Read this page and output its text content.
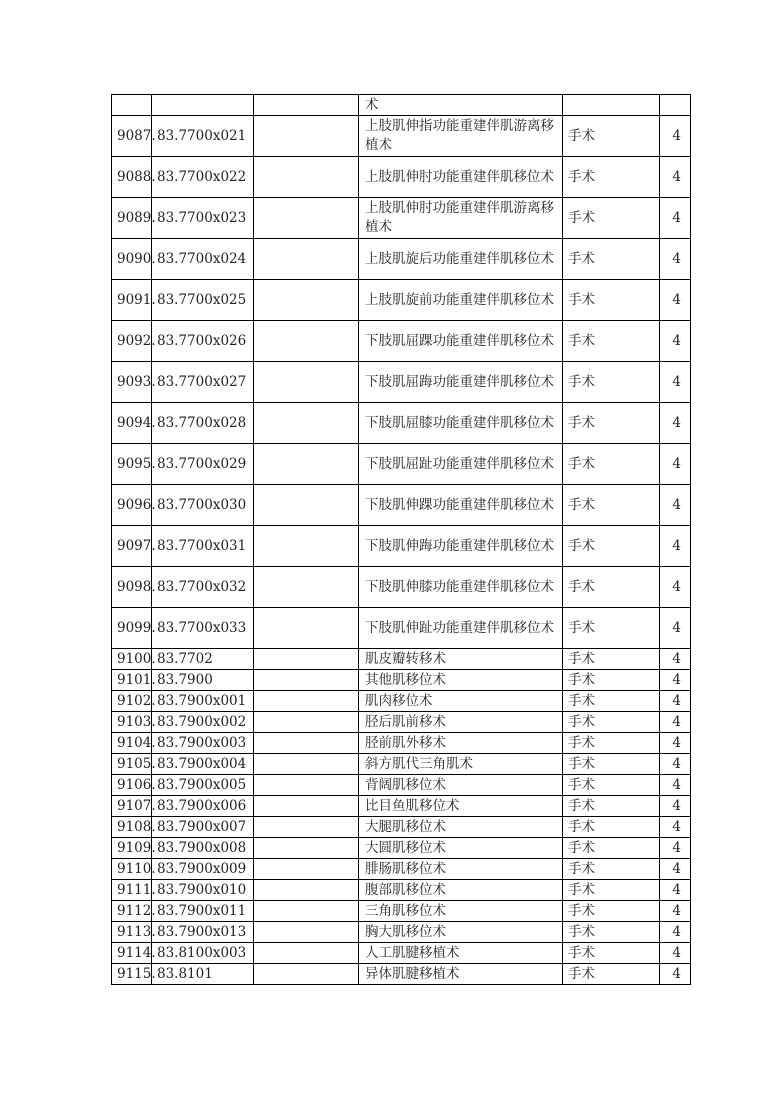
			术		
9087.	83.7700x021		上肢肌伸指功能重建伴肌游离移植术	手术	4
9088.	83.7700x022		上肢肌伸肘功能重建伴肌移位术	手术	4
9089.	83.7700x023		上肢肌伸肘功能重建伴肌游离移植术	手术	4
9090.	83.7700x024		上肢肌旋后功能重建伴肌移位术	手术	4
9091.	83.7700x025		上肢肌旋前功能重建伴肌移位术	手术	4
9092.	83.7700x026		下肢肌屈踝功能重建伴肌移位术	手术	4
9093.	83.7700x027		下肢肌屈踇功能重建伴肌移位术	手术	4
9094.	83.7700x028		下肢肌屈膝功能重建伴肌移位术	手术	4
9095.	83.7700x029		下肢肌屈趾功能重建伴肌移位术	手术	4
9096.	83.7700x030		下肢肌伸踝功能重建伴肌移位术	手术	4
9097.	83.7700x031		下肢肌伸踇功能重建伴肌移位术	手术	4
9098.	83.7700x032		下肢肌伸膝功能重建伴肌移位术	手术	4
9099.	83.7700x033		下肢肌伸趾功能重建伴肌移位术	手术	4
9100.	83.7702		肌皮瓣转移术	手术	4
9101.	83.7900		其他肌移位术	手术	4
9102.	83.7900x001		肌肉移位术	手术	4
9103.	83.7900x002		胫后肌前移术	手术	4
9104.	83.7900x003		胫前肌外移术	手术	4
9105.	83.7900x004		斜方肌代三角肌术	手术	4
9106.	83.7900x005		背阔肌移位术	手术	4
9107.	83.7900x006		比目鱼肌移位术	手术	4
9108.	83.7900x007		大腿肌移位术	手术	4
9109.	83.7900x008		大圆肌移位术	手术	4
9110.	83.7900x009		腓肠肌移位术	手术	4
9111.	83.7900x010		腹部肌移位术	手术	4
9112.	83.7900x011		三角肌移位术	手术	4
9113.	83.7900x013		胸大肌移位术	手术	4
9114.	83.8100x003		人工肌腱移植术	手术	4
9115.	83.8101		异体肌腱移植术	手术	4
